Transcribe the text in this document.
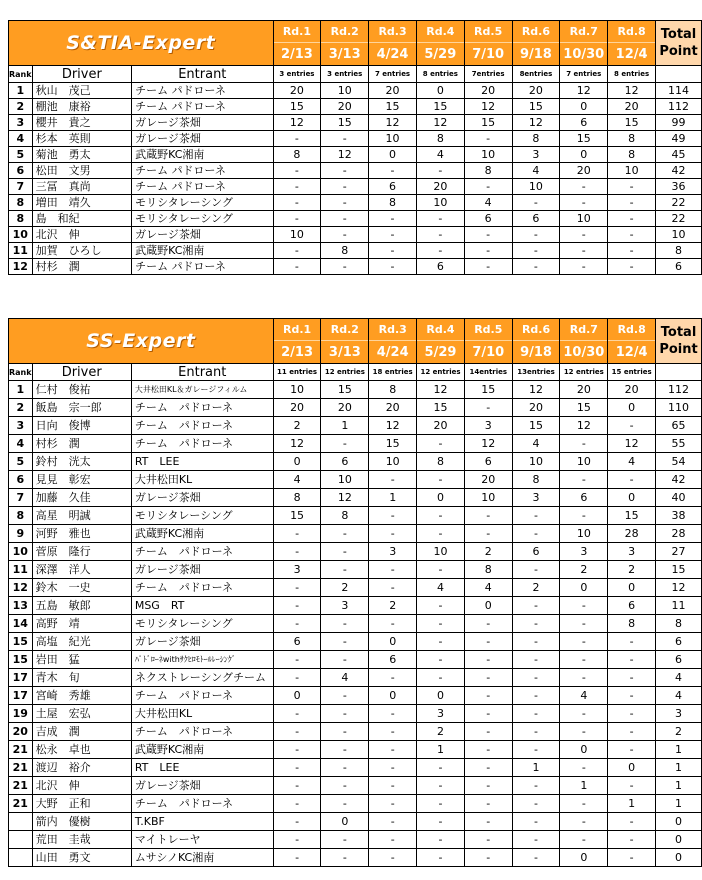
S&TIA-Expert			Rd.1	Rd.2	Rd.3	Rd.4	Rd.5	Rd.6	Rd.7	Rd.8	Total Point
			2/13	3/13	4/24	5/29	7/10	9/18	10/30	12/4	
Rank	Driver	Entrant	3 entries	3 entries	7 entries	8 entries	7entries	8entries	7 entries	8 entries	
1	秋山　茂己	チーム パドローネ	20	10	20	0	20	20	12	12	114
2	棚池　康裕	チーム パドローネ	15	20	15	15	12	15	0	20	112
3	櫻井　貴之	ガレージ茶畑	12	15	12	12	15	12	6	15	99
4	杉本　英則	ガレージ茶畑	-	-	10	8	-	8	15	8	49
5	菊池　勇太	武蔵野KC湘南	8	12	0	4	10	3	0	8	45
6	松田　文男	チーム パドローネ	-	-	-	-	8	4	20	10	42
7	三冨　真尚	チーム パドローネ	-	-	6	20	-	10	-	-	36
8	増田　靖久	モリシタレーシング	-	-	8	10	4	-	-	-	22
8	島　和紀	モリシタレーシング	-	-	-	-	6	6	10	-	22
10	北沢　伸	ガレージ茶畑	10	-	-	-	-	-	-	-	10
11	加賀　ひろし	武蔵野KC湘南	-	8	-	-	-	-	-	-	8
12	村杉　潤	チーム パドローネ	-	-	-	6	-	-	-	-	6
SS-Expert			Rd.1	Rd.2	Rd.3	Rd.4	Rd.5	Rd.6	Rd.7	Rd.8	Total Point
			2/13	3/13	4/24	5/29	7/10	9/18	10/30	12/4	
Rank	Driver	Entrant	11 entries	12 entries	18 entries	12 entries	14entries	13entries	12 entries	15 entries	
1	仁村　俊祐	大井松田KL＆ガレージフィルム	10	15	8	12	15	12	20	20	112
2	飯島　宗一郎	チーム　パドローネ	20	20	20	15	-	20	15	0	110
3	日向　俊博	チーム　パドローネ	2	1	12	20	3	15	12	-	65
4	村杉　潤	チーム　パドローネ	12	-	15	-	12	4	-	12	55
5	鈴村　洸太	RT　LEE	0	6	10	8	6	10	10	4	54
6	見見　彰宏	大井松田KL	4	10	-	-	20	8	-	-	42
7	加藤　久佳	ガレージ茶畑	8	12	1	0	10	3	6	0	40
8	高星　明誠	モリシタレーシング	15	8	-	-	-	-	-	15	38
9	河野　雅也	武蔵野KC湘南	-	-	-	-	-	-	10	28	28
10	菅原　隆行	チーム　パドローネ	-	-	3	10	2	6	3	3	27
11	深澤　洋人	ガレージ茶畑	3	-	-	-	8	-	2	2	15
12	鈴木　一史	チーム　パドローネ	-	2	-	4	4	2	0	0	12
13	五島　敏郎	MSG　RT	-	3	2	-	0	-	-	6	11
14	高野　靖	モリシタレーシング	-	-	-	-	-	-	-	8	8
15	高塩　紀光	ガレージ茶畑	6	-	0	-	-	-	-	-	6
15	岩田　猛	ﾊﾟﾄﾞﾛｰﾈwithｻｸﾋﾛﾓﾄｰﾙﾚｰｼﾝｸﾞ	-	-	6	-	-	-	-	-	6
17	青木　旬	ネクストレーシングチーム	-	4	-	-	-	-	-	-	4
17	宮崎　秀雄	チーム　パドローネ	0	-	0	0	-	-	4	-	4
19	土屋　宏弘	大井松田KL	-	-	-	3	-	-	-	-	3
20	吉成　潤	チーム　パドローネ	-	-	-	2	-	-	-	-	2
21	松永　卓也	武蔵野KC湘南	-	-	-	1	-	-	0	-	1
21	渡辺　裕介	RT　LEE	-	-	-	-	-	1	-	0	1
21	北沢　伸	ガレージ茶畑	-	-	-	-	-	-	1	-	1
21	大野　正和	チーム　パドローネ	-	-	-	-	-	-	-	1	1
	箭内　優樹	T.KBF	-	0	-	-	-	-	-	-	0
	荒田　圭哉	マイトレーヤ	-	-	-	-	-	-	-	-	0
	山田　勇文	ムサシノKC湘南	-	-	-	-	-	-	0	-	0
